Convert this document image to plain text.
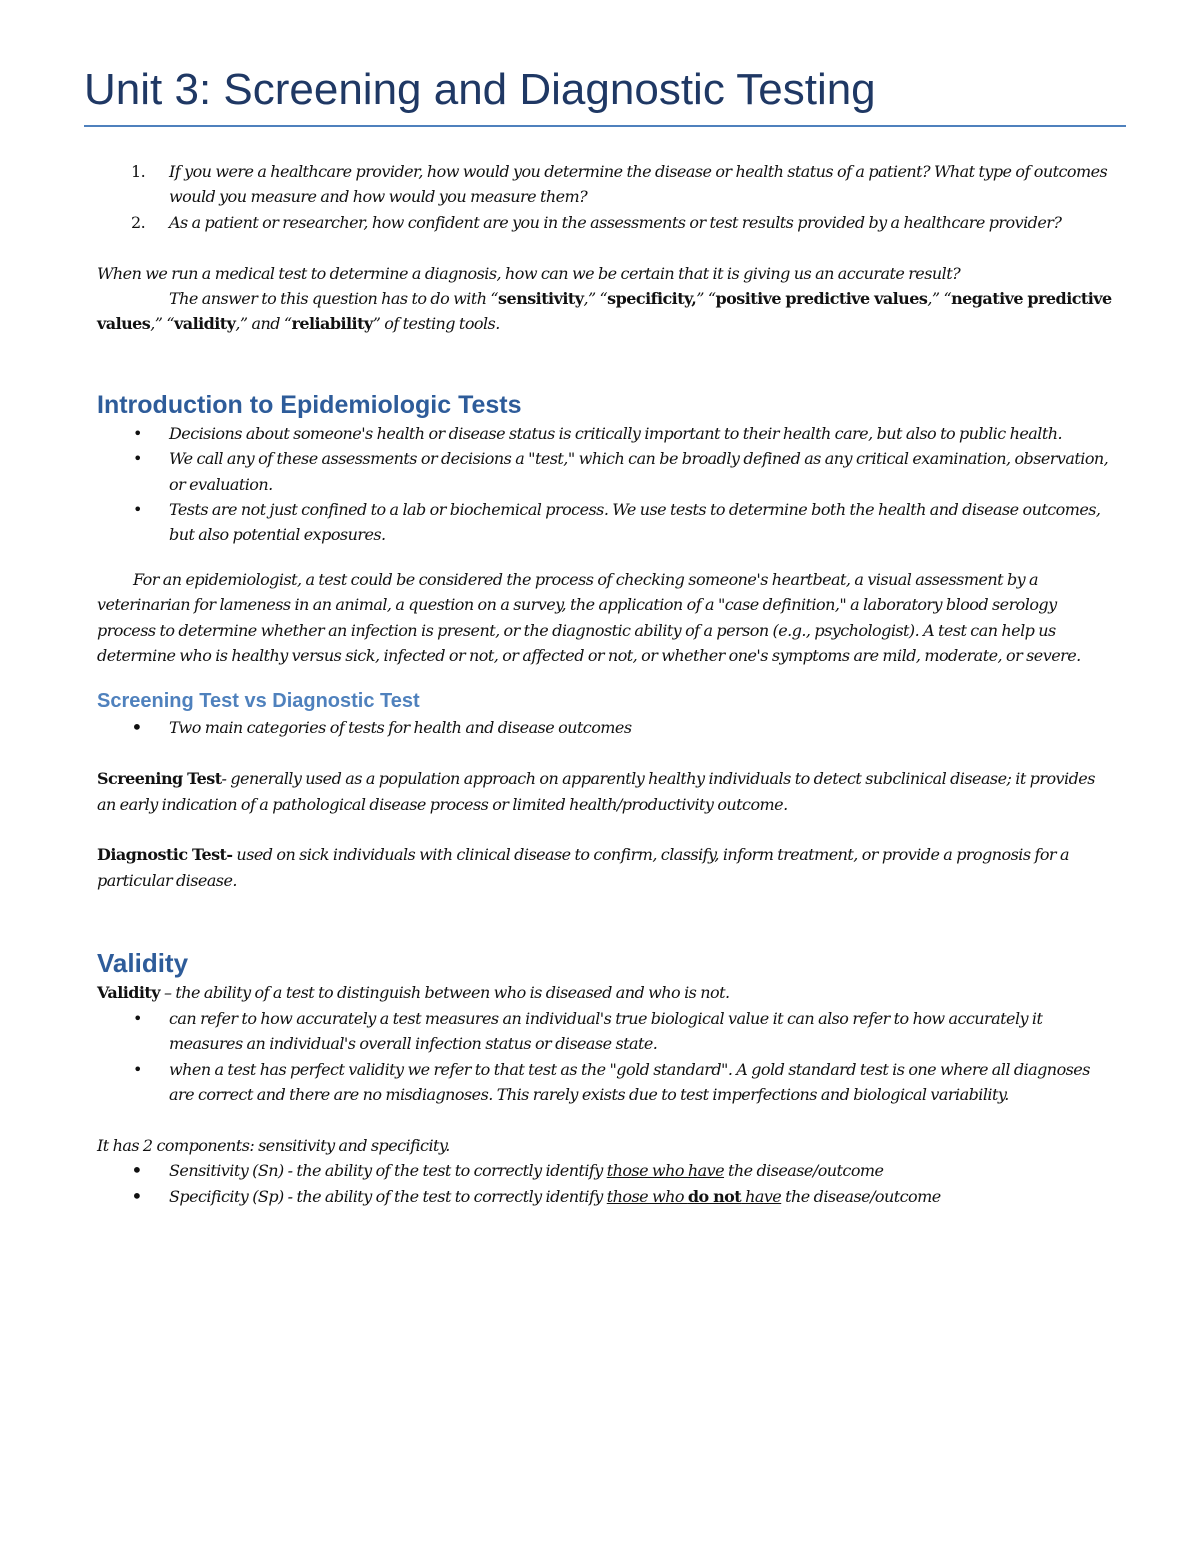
Unit 3: Screening and Diagnostic Testing
1. If you were a healthcare provider, how would you determine the disease or health status of a patient? What type of outcomes would you measure and how would you measure them?
2. As a patient or researcher, how confident are you in the assessments or test results provided by a healthcare provider?

When we run a medical test to determine a diagnosis, how can we be certain that it is giving us an accurate result?

The answer to this question has to do with “sensitivity,” “specificity,” “positive predictive values,” “negative predictive values,” “validity,” and “reliability” of testing tools.

Introduction to Epidemiologic Tests
• Decisions about someone's health or disease status is critically important to their health care, but also to public health.
• We call any of these assessments or decisions a "test," which can be broadly defined as any critical examination, observation, or evaluation.
• Tests are not just confined to a lab or biochemical process. We use tests to determine both the health and disease outcomes, but also potential exposures.

For an epidemiologist, a test could be considered the process of checking someone's heartbeat, a visual assessment by a veterinarian for lameness in an animal, a question on a survey, the application of a "case definition," a laboratory blood serology process to determine whether an infection is present, or the diagnostic ability of a person (e.g., psychologist). A test can help us determine who is healthy versus sick, infected or not, or affected or not, or whether one's symptoms are mild, moderate, or severe.

Screening Test vs Diagnostic Test
• Two main categories of tests for health and disease outcomes

Screening Test- generally used as a population approach on apparently healthy individuals to detect subclinical disease; it provides an early indication of a pathological disease process or limited health/productivity outcome.

Diagnostic Test- used on sick individuals with clinical disease to confirm, classify, inform treatment, or provide a prognosis for a particular disease.

Validity

Validity – the ability of a test to distinguish between who is diseased and who is not.

• can refer to how accurately a test measures an individual's true biological value it can also refer to how accurately it measures an individual's overall infection status or disease state.
• when a test has perfect validity we refer to that test as the "gold standard". A gold standard test is one where all diagnoses are correct and there are no misdiagnoses. This rarely exists due to test imperfections and biological variability.

It has 2 components: sensitivity and specificity.

• Sensitivity (Sn) - the ability of the test to correctly identify those who have the disease/outcome
• Specificity (Sp) - the ability of the test to correctly identify those who do not have the disease/outcome
